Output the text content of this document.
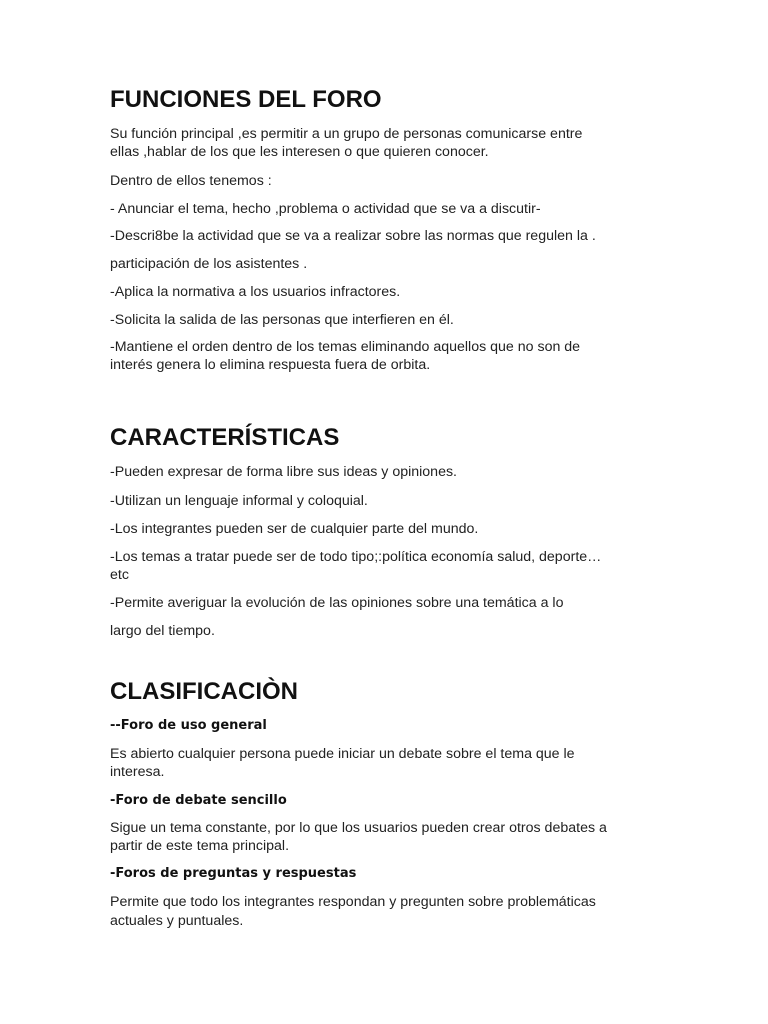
FUNCIONES DEL FORO

Su función principal ,es permitir a un grupo de personas comunicarse entre

ellas ,hablar de los que les interesen o que quieren conocer.

Dentro de ellos tenemos :

- Anunciar el tema, hecho ,problema o actividad que se va a discutir-

-Descri8be la actividad que se va a realizar sobre las normas que regulen la .

participación de los asistentes .

-Aplica la normativa a los usuarios infractores.

-Solicita la salida de las personas que interfieren en él.

-Mantiene el orden dentro de los temas eliminando aquellos que no son de

interés genera lo elimina respuesta fuera de orbita.

CARACTERÍSTICAS

-Pueden expresar de forma libre sus ideas y opiniones.

-Utilizan un lenguaje informal y coloquial.

-Los integrantes pueden ser de cualquier parte del mundo.

-Los temas a tratar puede ser de todo tipo;:política economía salud, deporte…

etc

-Permite averiguar la evolución de las opiniones sobre una temática a lo

largo del tiempo.

CLASIFICACIÒN

--Foro de uso general

Es abierto cualquier persona puede iniciar un debate sobre el tema que le

interesa.

-Foro de debate sencillo

Sigue un tema constante, por lo que los usuarios pueden crear otros debates a

partir de este tema principal.

-Foros de preguntas y respuestas

Permite que todo los integrantes respondan y pregunten sobre problemáticas

actuales y puntuales.
